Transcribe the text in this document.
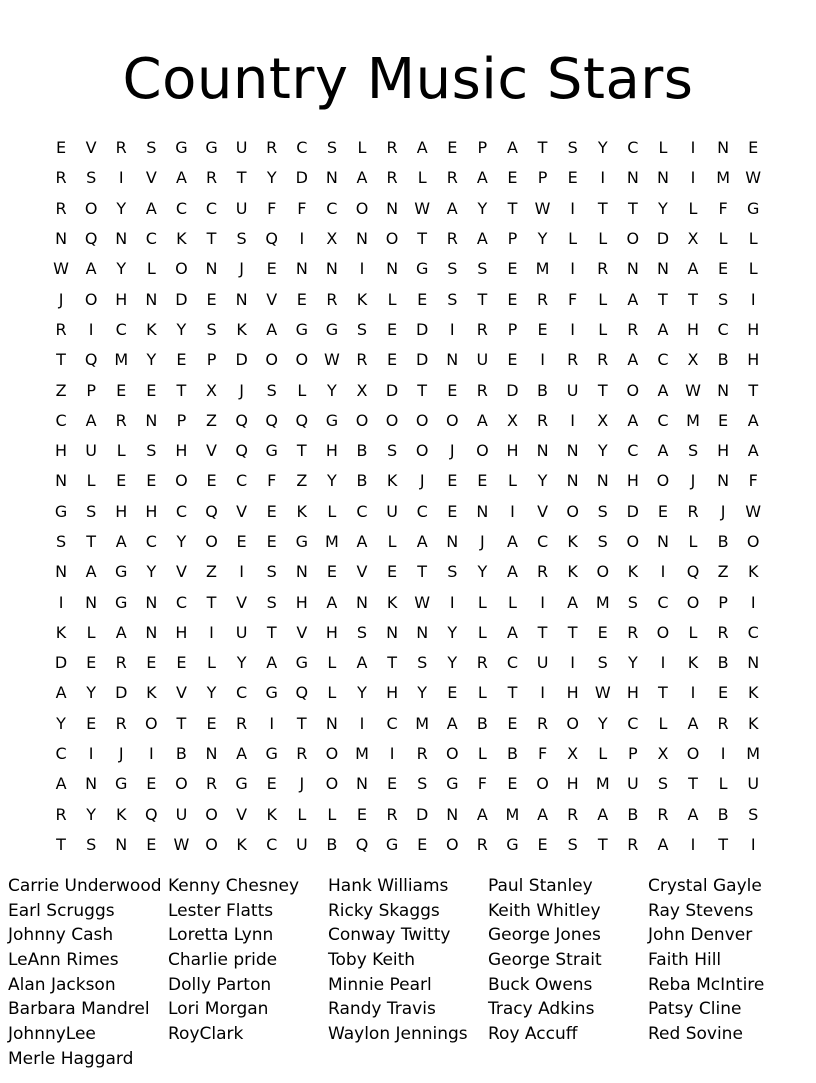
Country Music Stars
E	V	R	S	G	G	U	R	C	S	L	R	A	E	P	A	T	S	Y	C	L	I	N	E
R	S	I	V	A	R	T	Y	D	N	A	R	L	R	A	E	P	E	I	N	N	I	M W
R	O	Y	A	C	C	U	F	F	C	O	N	W	A	Y	T	W	I	T	T	Y	L	F	G
N	Q	N	C	K	T	S	Q	I	X	N	O	T	R	A	P	Y	L	L	O	D	X	L	L
W	A	Y	L	O	N	J	E	N	N	I	N	G	S	S	E	M	I	R	N	N	A	E	L
J	O	H	N	D	E	N	V	E	R	K	L	E	S	T	E	R	F	L	A	T	T	S	I
R	I	C	K	Y	S	K	A	G	G	S	E	D	I	R	P	E	I	L	R	A	H	C	H
T	Q	M	Y	E	P	D	O	O W	R	E	D	N	U	E	I	R	R	A	C	X	B	H
Z	P	E	E	T	X	J	S	L	Y	X	D	T	E	R	D	B	U	T	O	A	W	N	T
C	A	R	N	P	Z	Q	Q	Q	G	O	O	O	O	A	X	R	I	X	A	C	M	E	A
H	U	L	S	H	V	Q	G	T	H	B	S	O	J	O	H	N	N	Y	C	A	S	H	A
N	L	E	E	O	E	C	F	Z	Y	B	K	J	E	E	L	Y	N	N	H	O	J	N	F
G	S	H	H	C	Q	V	E	K	L	C	U	C	E	N	I	V	O	S	D	E	R	J	W
S	T	A	C	Y	O	E	E	G	M	A	L	A	N	J	A	C	K	S	O	N	L	B	O
N	A	G	Y	V	Z	I	S	N	E	V	E	T	S	Y	A	R	K	O	K	I	Q	Z	K
I	N	G	N	C	T	V	S	H	A	N	K	W	I	L	L	I	A	M	S	C	O	P	I
K	L	A	N	H	I	U	T	V	H	S	N	N	Y	L	A	T	T	E	R	O	L	R	C
D	E	R	E	E	L	Y	A	G	L	A	T	S	Y	R	C	U	I	S	Y	I	K	B	N
A	Y	D	K	V	Y	C	G	Q	L	Y	H	Y	E	L	T	I	H	W	H	T	I	E	K
Y	E	R	O	T	E	R	I	T	N	I	C	M	A	B	E	R	O	Y	C	L	A	R	K
C	I	J	I	B	N	A	G	R	O	M	I	R	O	L	B	F	X	L	P	X	O	I	M
A	N	G	E	O	R	G	E	J	O	N	E	S	G	F	E	O	H	M	U	S	T	L	U
R	Y	K	Q	U	O	V	K	L	L	E	R	D	N	A	M	A	R	A	B	R	A	B	S
T	S	N	E	W O	K	C	U	B	Q	G	E	O	R	G	E	S	T	R	A	I	T	I
Carrie Underwood
Earl Scruggs
Johnny Cash
LeAnn Rimes
Alan Jackson
Barbara Mandrel
JohnnyLee
Merle Haggard
Kenny Chesney
Lester Flatts
Loretta Lynn
Charlie pride
Dolly Parton
Lori Morgan
RoyClark
Hank Williams
Ricky Skaggs
Conway Twitty
Toby Keith
Minnie Pearl
Randy Travis
Waylon Jennings
Paul Stanley
Keith Whitley
George Jones
George Strait
Buck Owens
Tracy Adkins
Roy Accuff
Crystal Gayle
Ray Stevens
John Denver
Faith Hill
Reba McIntire
Patsy Cline
Red Sovine
